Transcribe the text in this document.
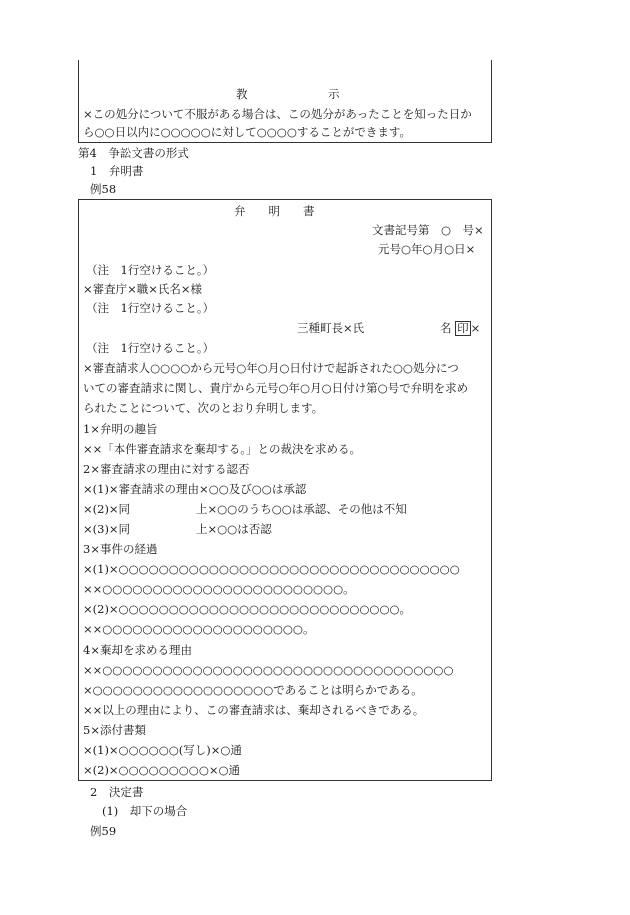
教　　　　　　　示
×この処分について不服がある場合は、この処分があったことを知った日か
ら○○日以内に○○○○○に対して○○○○することができます。
第4　争訟文書の形式
1　弁明書
例58
弁　　明　　書
文書記号第　○　号×
元号○年○月○日×
（注　1行空けること。）
×審査庁×職×氏名×様
（注　1行空けること。）
三種町長×氏	名 印 ×
（注　1行空けること。）
×審査請求人○○○○から元号○年○月○日付けで起訴された○○処分につ
いての審査請求に関し、貴庁から元号○年○月○日付け第○号で弁明を求め
られたことについて、次のとおり弁明します。
1×弁明の趣旨
××「本件審査請求を棄却する。」との裁決を求める。
2×審査請求の理由に対する認否
×(1)×審査請求の理由×○○及び○○は承認
×(2)×同	上×○○のうち○○は承認、その他は不知
×(3)×同	上×○○は否認
3×事件の経過
×(1)×○○○○○○○○○○○○○○○○○○○○○○○○○○○○○○○○○○
××○○○○○○○○○○○○○○○○○○○○○○○○。
×(2)×○○○○○○○○○○○○○○○○○○○○○○○○○○○○。
××○○○○○○○○○○○○○○○○○○○○。
4×棄却を求める理由
××○○○○○○○○○○○○○○○○○○○○○○○○○○○○○○○○○○○
×○○○○○○○○○○○○○○○○○○であることは明らかである。
××以上の理由により、この審査請求は、棄却されるべきである。
5×添付書類
×(1)×○○○○○○(写し)×○通
×(2)×○○○○○○○○○×○通
2　決定書
(1)　却下の場合
例59
